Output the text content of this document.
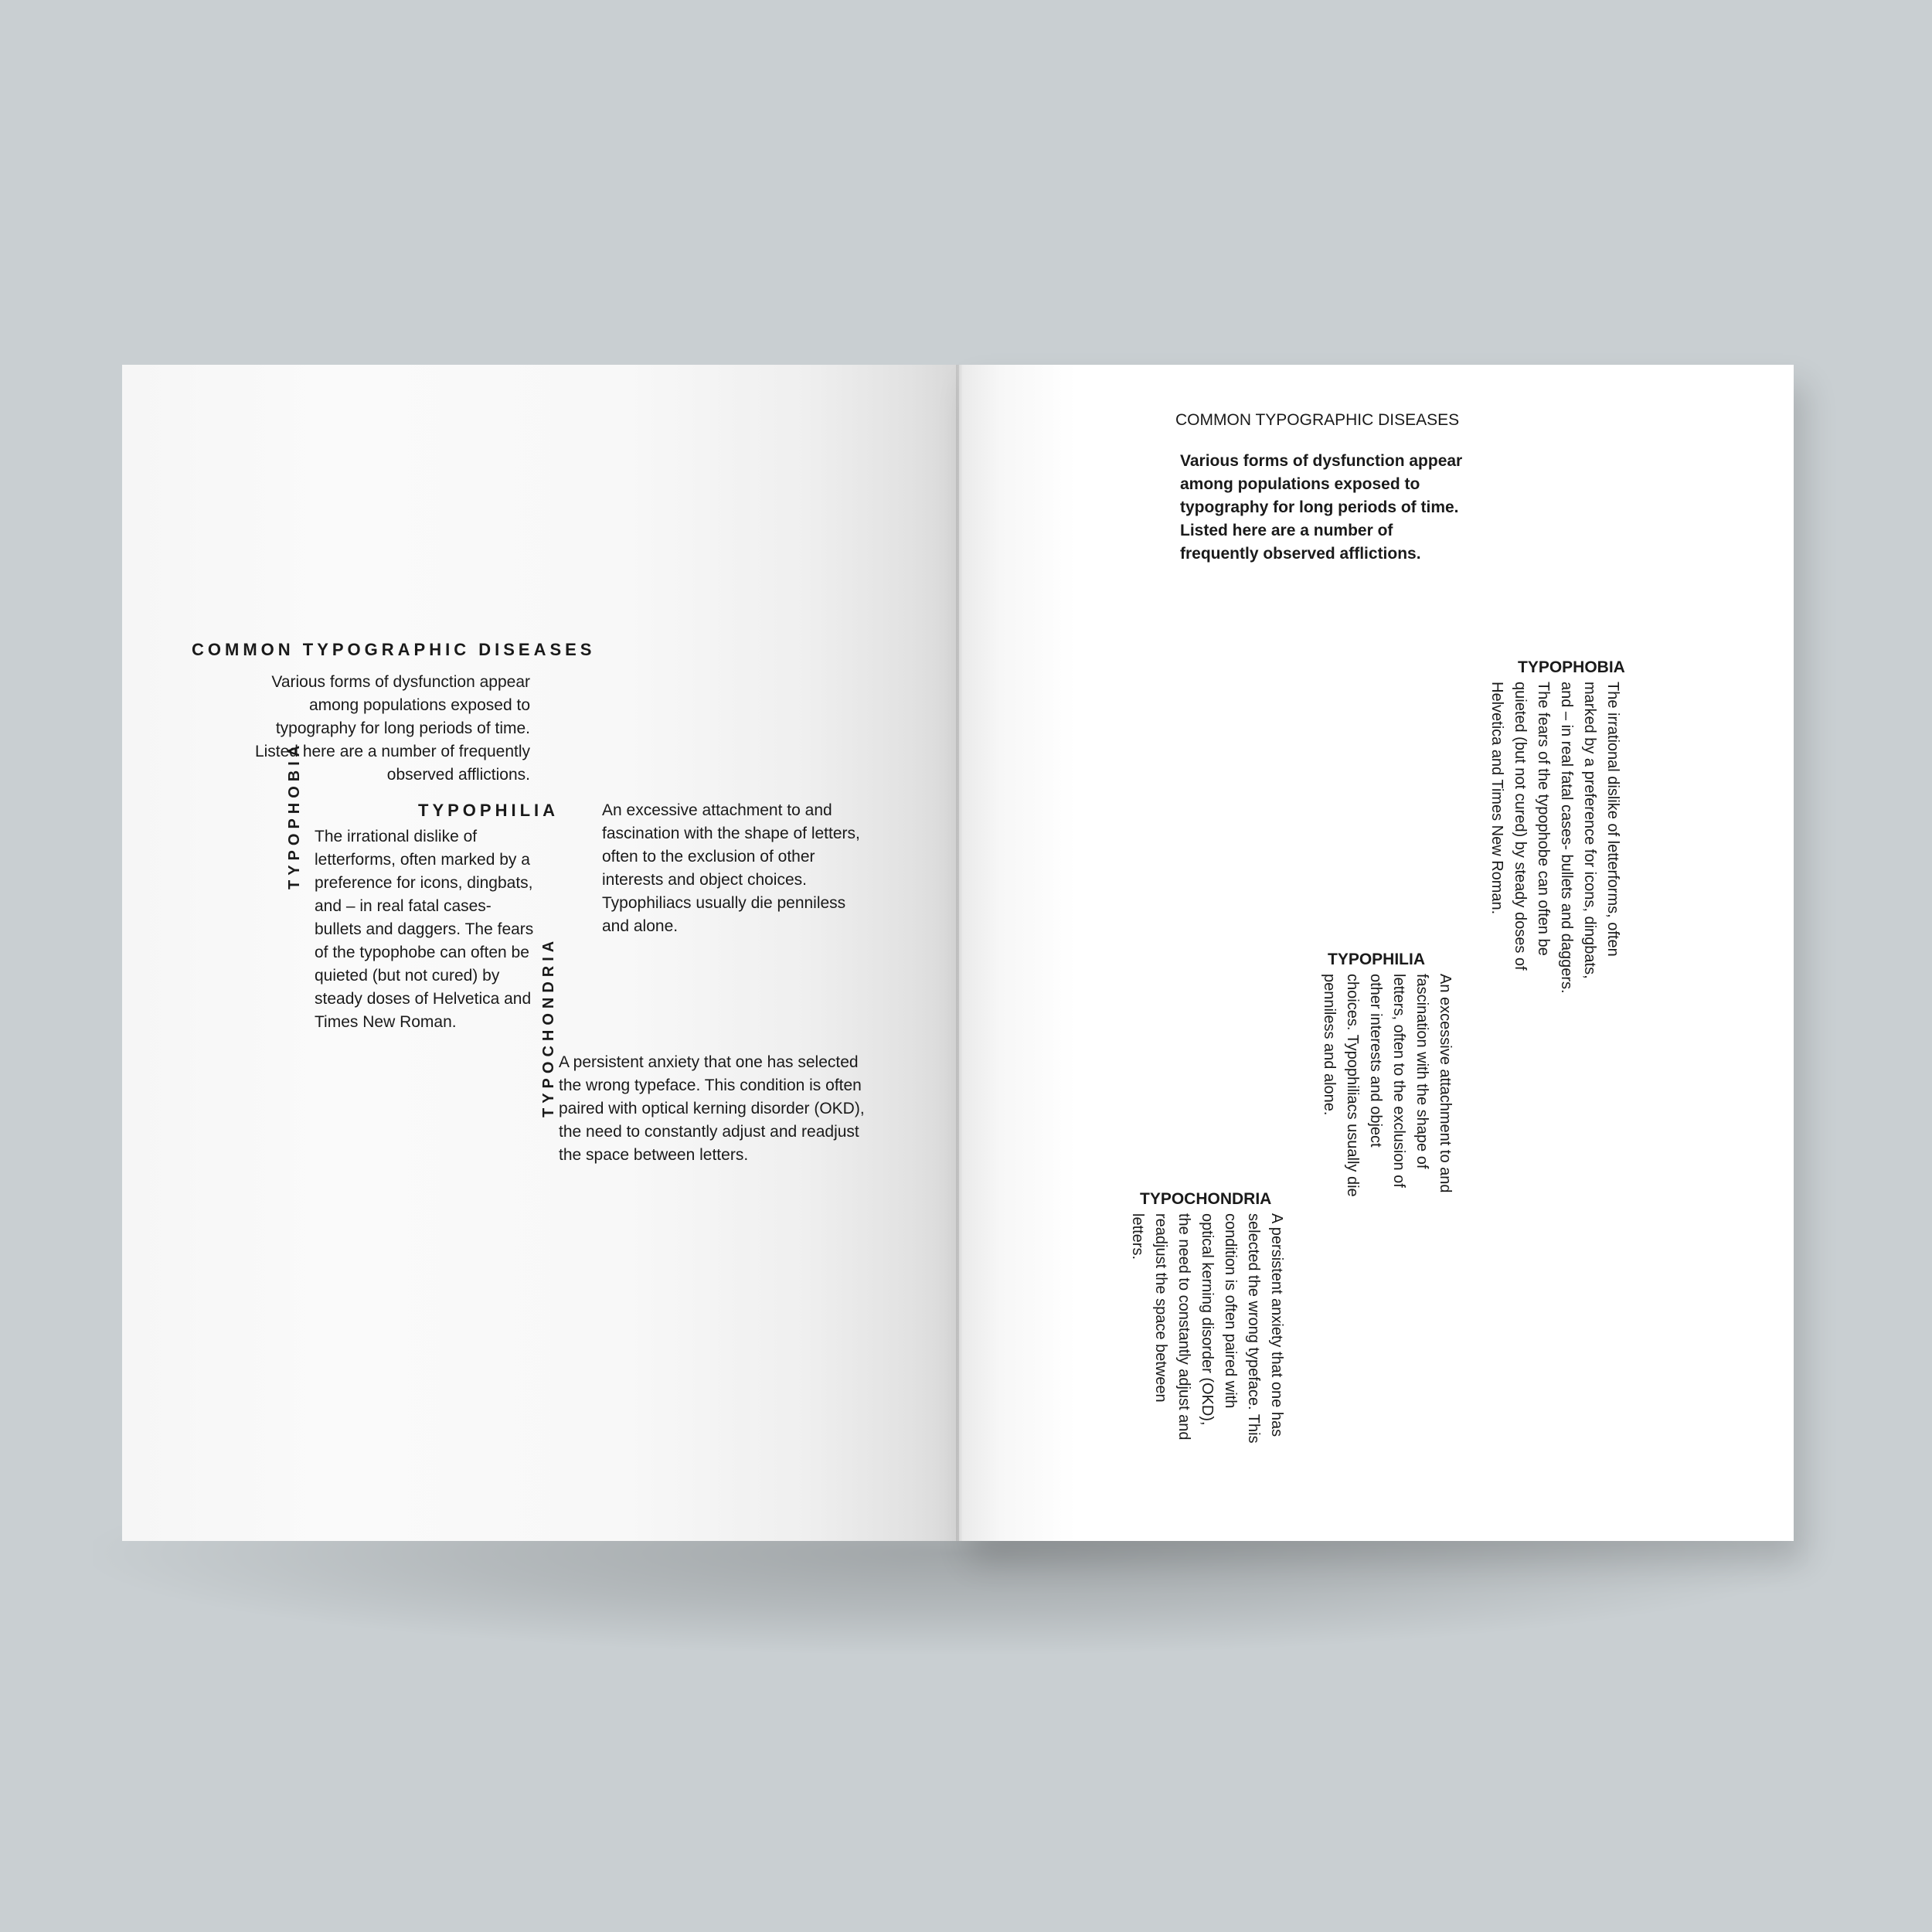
COMMON TYPOGRAPHIC DISEASES
Various forms of dysfunction appear among populations exposed to typography for long periods of time. Listed here are a number of frequently observed afflictions.
TYPOPHOBIA The irrational dislike of letterforms, often marked by a preference for icons, dingbats, and – in real fatal cases- bullets and daggers. The fears of the typophobe can often be quieted (but not cured) by steady doses of Helvetica and Times New Roman.
TYPOPHILIA	An excessive attachment to and fascination with the shape of letters, often to the exclusion of other interests and object choices. Typophiliacs usually die penniless and alone.
TYPOCHONDRIA A persistent anxiety that one has selected the wrong typeface. This condition is often paired with optical kerning disorder (OKD), the need to constantly adjust and readjust the space between letters.
COMMON TYPOGRAPHIC DISEASES
Various forms of dysfunction appear among populations exposed to typography for long periods of time. Listed here are a number of frequently observed afflictions.
TYPOPHOBIA
The irrational dislike of letterforms, often marked by a preference for icons, dingbats, and – in real fatal cases- bullets and daggers. The fears of the typophobe can often be quieted (but not cured) by steady doses of Helvetica and Times New Roman.
TYPOPHILIA
An excessive attachment to and fascination with the shape of letters, often to the exclusion of other interests and object choices. Typophiliacs usually die penniless and alone.
TYPOCHONDRIA
A persistent anxiety that one has selected the wrong typeface. This condition is often paired with optical kerning disorder (OKD), the need to constantly adjust and readjust the space between letters.
